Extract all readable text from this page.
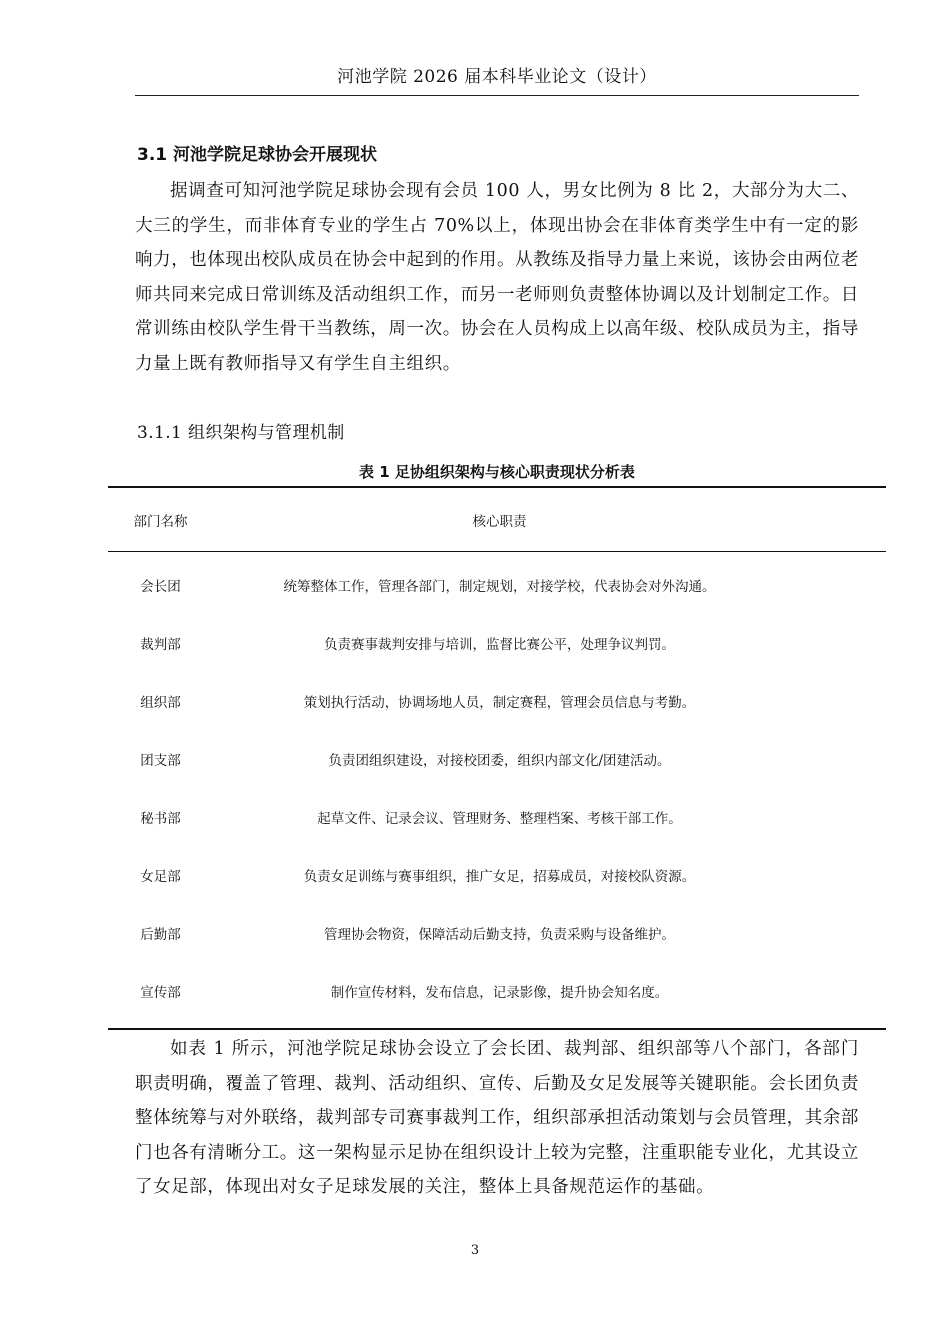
河池学院 2026 届本科毕业论文（设计）
3.1 河池学院足球协会开展现状
据调查可知河池学院足球协会现有会员 100 人，男女比例为 8 比 2，大部分为大二、大三的学生，而非体育专业的学生占 70%以上，体现出协会在非体育类学生中有一定的影响力，也体现出校队成员在协会中起到的作用。从教练及指导力量上来说，该协会由两位老师共同来完成日常训练及活动组织工作，而另一老师则负责整体协调以及计划制定工作。日常训练由校队学生骨干当教练，周一次。协会在人员构成上以高年级、校队成员为主，指导力量上既有教师指导又有学生自主组织。
3.1.1 组织架构与管理机制
表 1 足协组织架构与核心职责现状分析表
部门名称	核心职责
会长团	统筹整体工作，管理各部门，制定规划，对接学校，代表协会对外沟通。
裁判部	负责赛事裁判安排与培训，监督比赛公平，处理争议判罚。
组织部	策划执行活动，协调场地人员，制定赛程，管理会员信息与考勤。
团支部	负责团组织建设，对接校团委，组织内部文化/团建活动。
秘书部	起草文件、记录会议、管理财务、整理档案、考核干部工作。
女足部	负责女足训练与赛事组织，推广女足，招募成员，对接校队资源。
后勤部	管理协会物资，保障活动后勤支持，负责采购与设备维护。
宣传部	制作宣传材料，发布信息，记录影像，提升协会知名度。
如表 1 所示，河池学院足球协会设立了会长团、裁判部、组织部等八个部门，各部门职责明确，覆盖了管理、裁判、活动组织、宣传、后勤及女足发展等关键职能。会长团负责整体统筹与对外联络，裁判部专司赛事裁判工作，组织部承担活动策划与会员管理，其余部门也各有清晰分工。这一架构显示足协在组织设计上较为完整，注重职能专业化，尤其设立了女足部，体现出对女子足球发展的关注，整体上具备规范运作的基础。
3
